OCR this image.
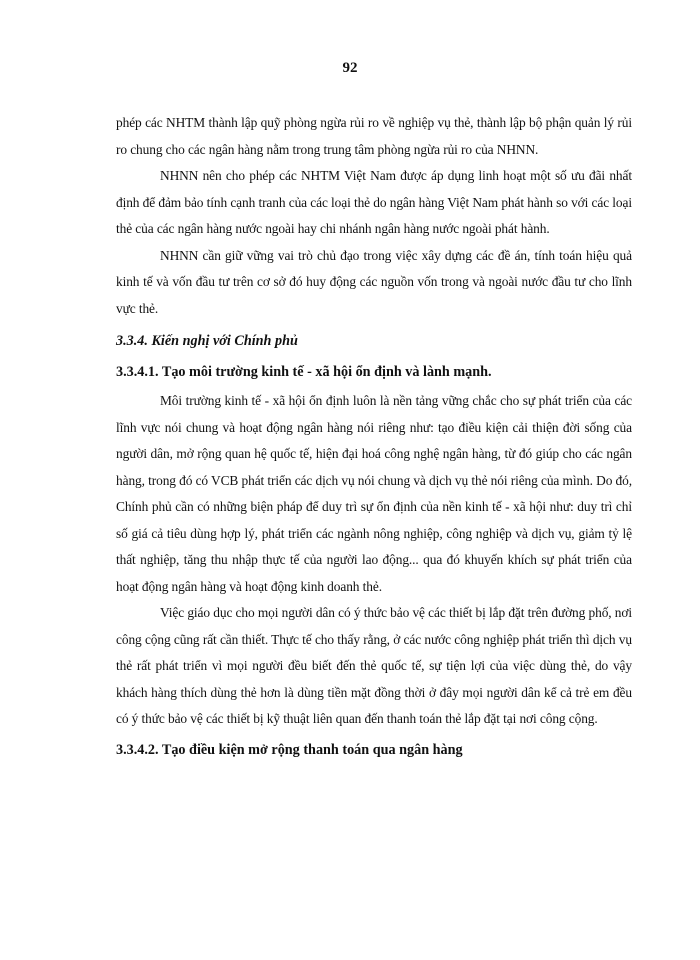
92

phép các NHTM thành lập quỹ phòng ngừa rủi ro về nghiệp vụ thẻ, thành lập bộ phận quản lý rủi ro chung cho các ngân hàng nằm trong trung tâm phòng ngừa rủi ro của NHNN.

NHNN nên cho phép các NHTM Việt Nam được áp dụng linh hoạt một số ưu đãi nhất định để đảm bảo tính cạnh tranh của các loại thẻ do ngân hàng Việt Nam phát hành so với các loại thẻ của các ngân hàng nước ngoài hay chi nhánh ngân hàng nước ngoài phát hành.

NHNN cần giữ vững vai trò chủ đạo trong việc xây dựng các đề án, tính toán hiệu quả kinh tế và vốn đầu tư trên cơ sở đó huy động các nguồn vốn trong và ngoài nước đầu tư cho lĩnh vực thẻ.

3.3.4. Kiến nghị với Chính phủ
3.3.4.1. Tạo môi trường kinh tế - xã hội ổn định và lành mạnh.

Môi trường kinh tế - xã hội ổn định luôn là nền tảng vững chắc cho sự phát triển của các lĩnh vực nói chung và hoạt động ngân hàng nói riêng như: tạo điều kiện cải thiện đời sống của người dân, mở rộng quan hệ quốc tế, hiện đại hoá công nghệ ngân hàng, từ đó giúp cho các ngân hàng, trong đó có VCB phát triển các dịch vụ nói chung và dịch vụ thẻ nói riêng của mình. Do đó, Chính phủ cần có những biện pháp để duy trì sự ổn định của nền kinh tế - xã hội như: duy trì chỉ số giá cả tiêu dùng hợp lý, phát triển các ngành nông nghiệp, công nghiệp và dịch vụ, giảm tỷ lệ thất nghiệp, tăng thu nhập thực tế của người lao động... qua đó khuyến khích sự phát triển của hoạt động ngân hàng và hoạt động kinh doanh thẻ.

Việc giáo dục cho mọi người dân có ý thức bảo vệ các thiết bị lắp đặt trên đường phố, nơi công cộng cũng rất cần thiết. Thực tế cho thấy rằng, ở các nước công nghiệp phát triển thì dịch vụ thẻ rất phát triển vì mọi người đều biết đến thẻ quốc tế, sự tiện lợi của việc dùng thẻ, do vậy khách hàng thích dùng thẻ hơn là dùng tiền mặt đồng thời ở đây mọi người dân kể cả trẻ em đều có ý thức bảo vệ các thiết bị kỹ thuật liên quan đến thanh toán thẻ lắp đặt tại nơi công cộng.

3.3.4.2. Tạo điều kiện mở rộng thanh toán qua ngân hàng
